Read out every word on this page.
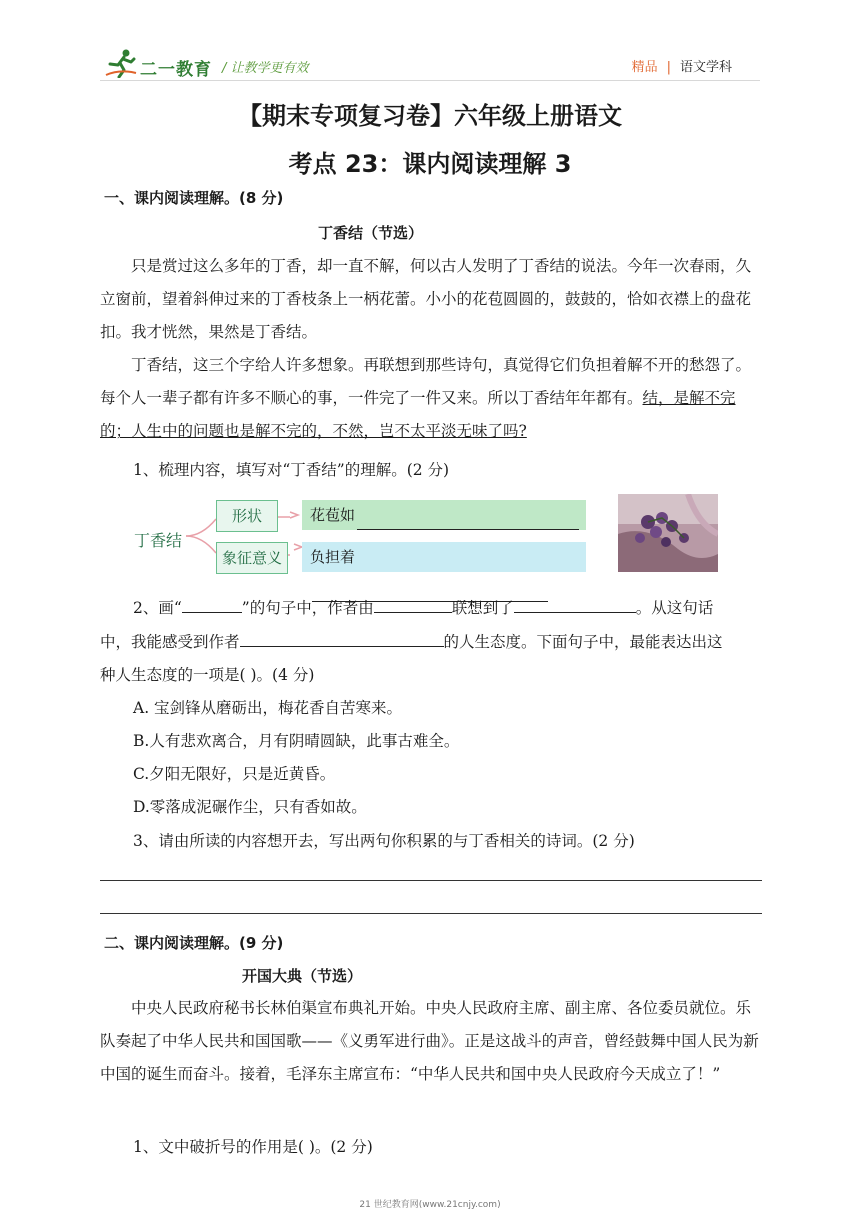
二一教育 / 让教学更有效	精品 | 语文学科
【期末专项复习卷】六年级上册语文
考点 23：课内阅读理解 3
一、课内阅读理解。(8 分)
丁香结（节选）
只是赏过这么多年的丁香，却一直不解，何以古人发明了丁香结的说法。今年一次春雨，久立窗前，望着斜伸过来的丁香枝条上一柄花蕾。小小的花苞圆圆的，鼓鼓的，恰如衣襟上的盘花扣。我才恍然，果然是丁香结。
丁香结，这三个字给人许多想象。再联想到那些诗句，真觉得它们负担着解不开的愁怨了。每个人一辈子都有许多不顺心的事，一件完了一件又来。所以丁香结年年都有。结，是解不完的；人生中的问题也是解不完的，不然，岂不太平淡无味了吗?
1、梳理内容，填写对“丁香结”的理解。(2 分)
丁香结
形状
象征意义
花苞如
负担着
2、画“	”的句子中，作者由	联想到了	。从这句话
中，我能感受到作者	的人生态度。下面句子中，最能表达出这
种人生态度的一项是( )。(4 分)
A. 宝剑锋从磨砺出，梅花香自苦寒来。
B.人有悲欢离合，月有阴晴圆缺，此事古难全。
C.夕阳无限好，只是近黄昏。
D.零落成泥碾作尘，只有香如故。
3、请由所读的内容想开去，写出两句你积累的与丁香相关的诗词。(2 分)
二、课内阅读理解。(9 分)
开国大典（节选）
中央人民政府秘书长林伯渠宣布典礼开始。中央人民政府主席、副主席、各位委员就位。乐队奏起了中华人民共和国国歌——《义勇军进行曲》。正是这战斗的声音，曾经鼓舞中国人民为新中国的诞生而奋斗。接着，毛泽东主席宣布：“中华人民共和国中央人民政府今天成立了！”
1、文中破折号的作用是( )。(2 分)
21 世纪教育网(www.21cnjy.com)
